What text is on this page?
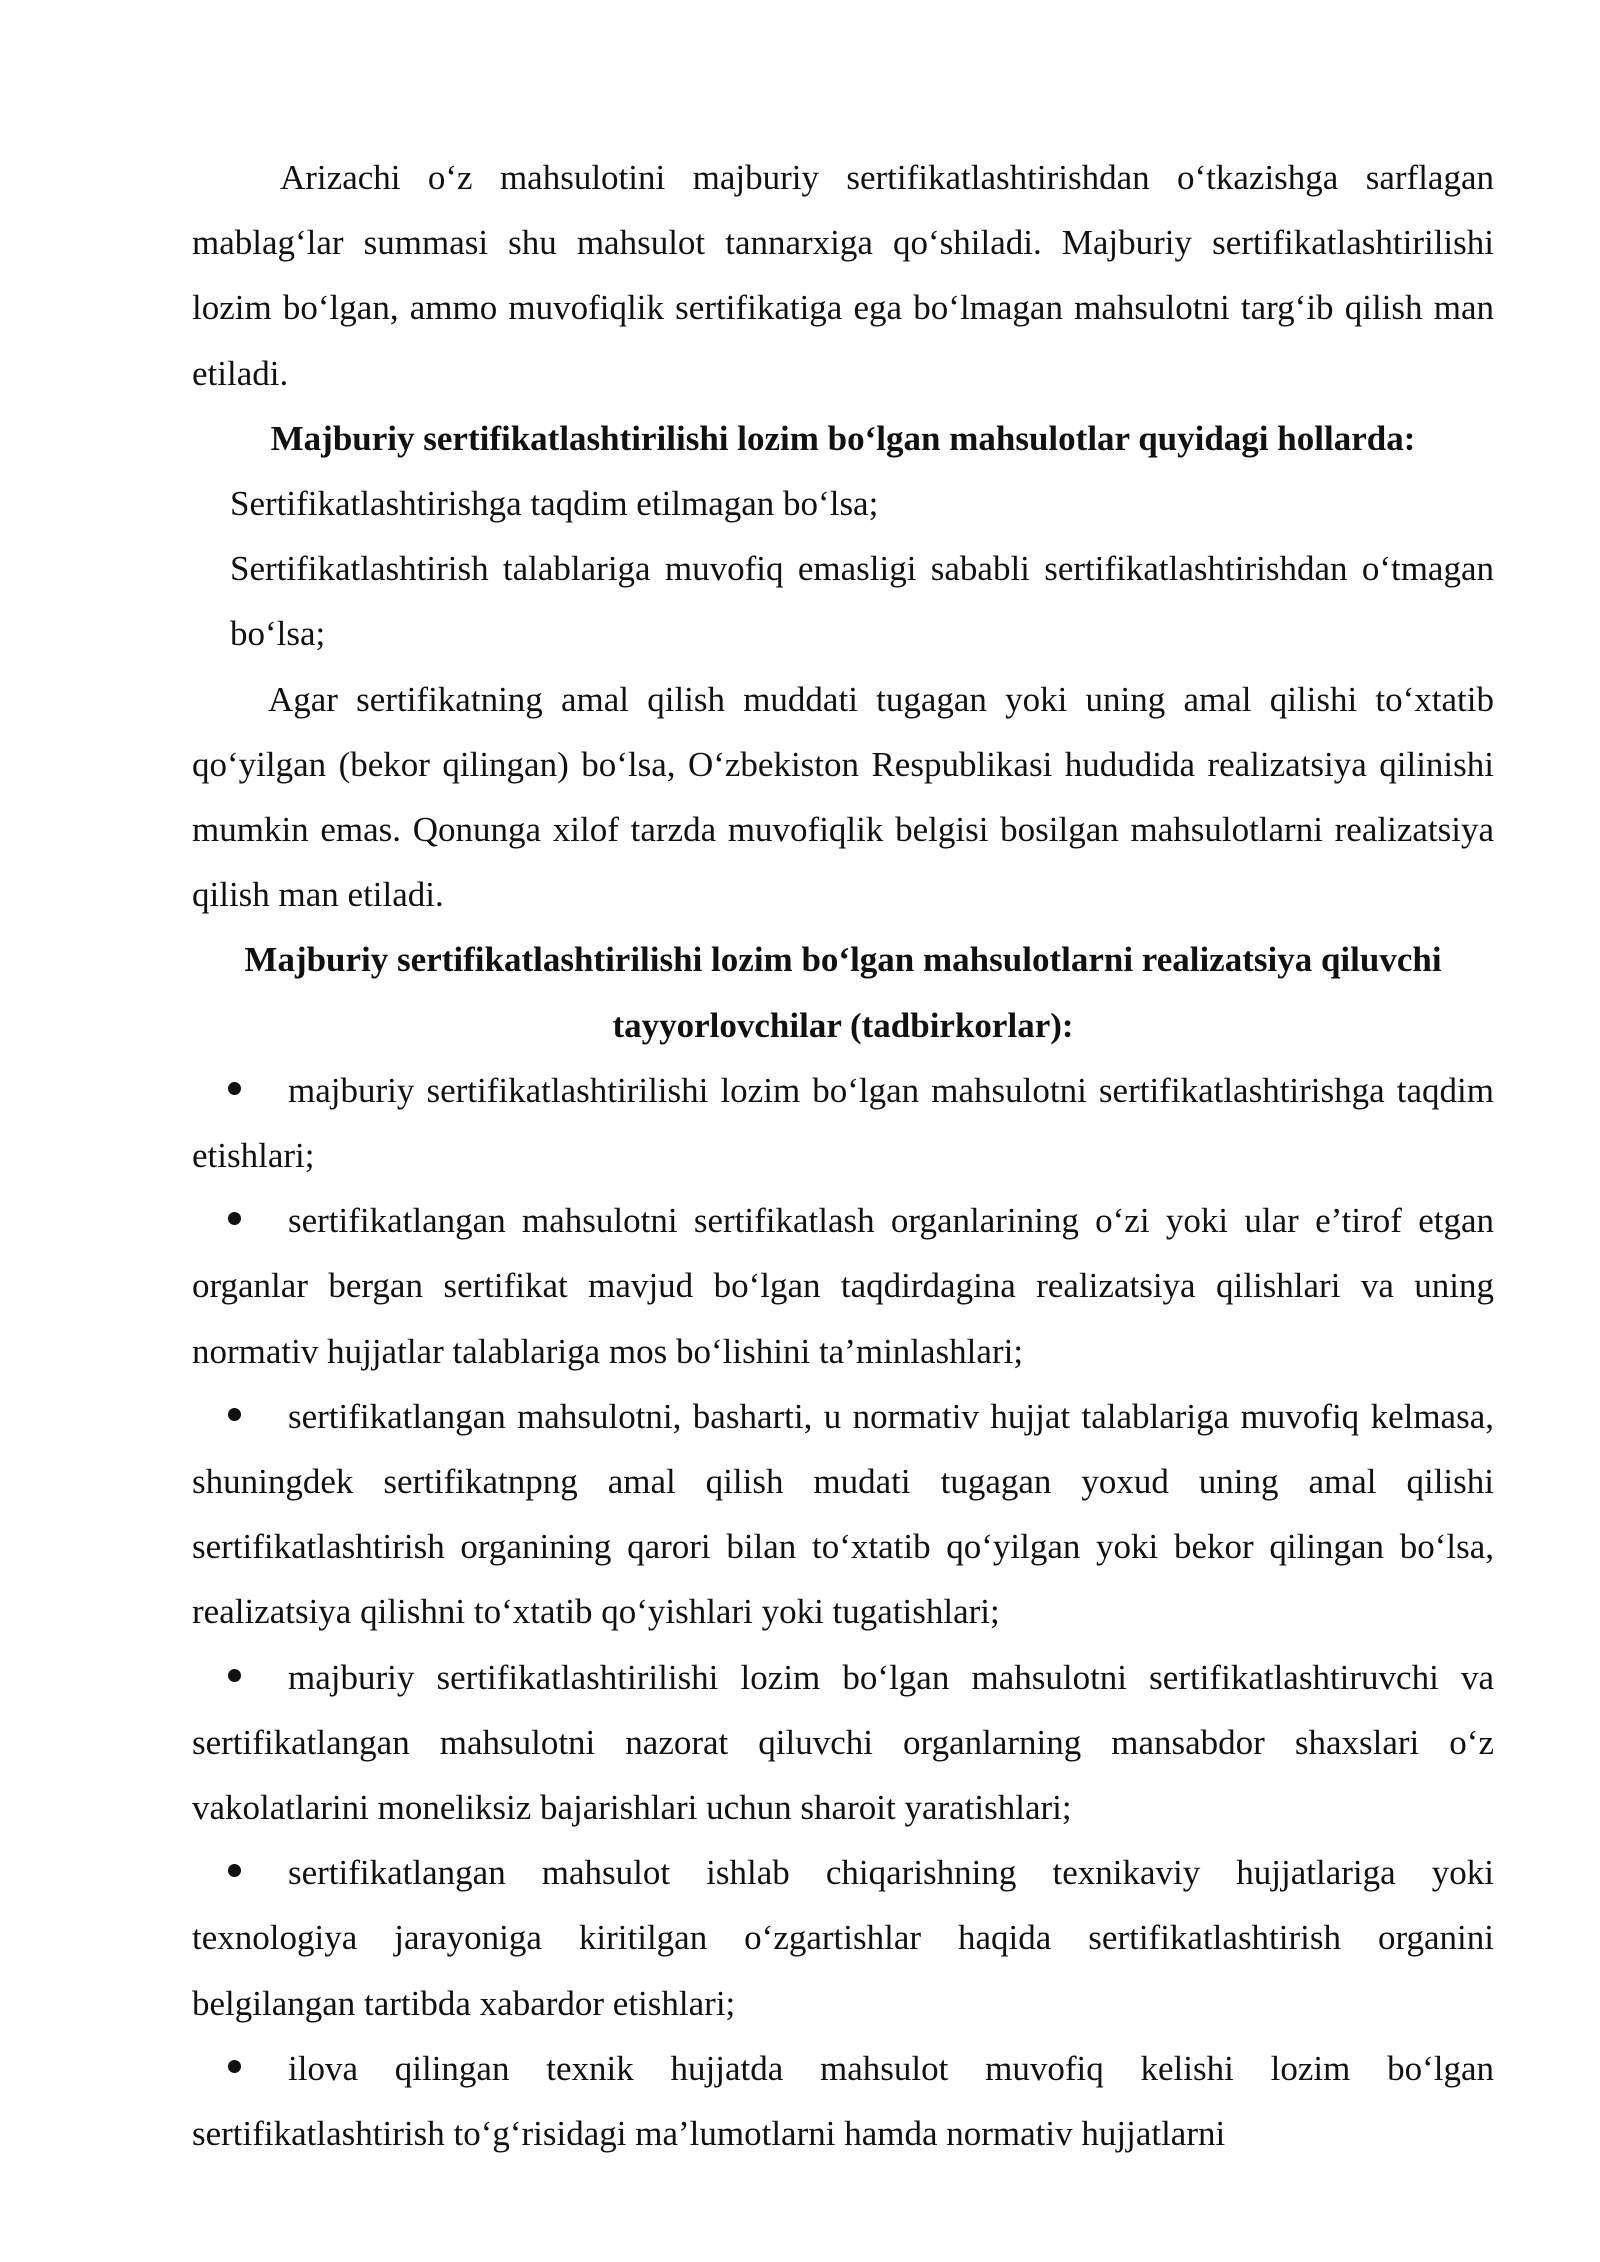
Arizachi o‘z mahsulotini majburiy sertifikatlashtirishdan o‘tkazishga sarflagan mablag‘lar summasi shu mahsulot tannarxiga qo‘shiladi. Majburiy sertifikatlashtirilishi lozim bo‘lgan, ammo muvofiqlik sertifikatiga ega bo‘lmagan mahsulotni targ‘ib qilish man etiladi.

Majburiy sertifikatlashtirilishi lozim bo‘lgan mahsulotlar quyidagi hollarda:

Sertifikatlashtirishga taqdim etilmagan bo‘lsa;

Sertifikatlashtirish talablariga muvofiq emasligi sababli sertifikatlashtirishdan o‘tmagan bo‘lsa;

Agar sertifikatning amal qilish muddati tugagan yoki uning amal qilishi to‘xtatib qo‘yilgan (bekor qilingan) bo‘lsa, O‘zbekiston Respublikasi hududida realizatsiya qilinishi mumkin emas. Qonunga xilof tarzda muvofiqlik belgisi bosilgan mahsulotlarni realizatsiya qilish man etiladi.

Majburiy sertifikatlashtirilishi lozim bo‘lgan mahsulotlarni realizatsiya qiluvchi tayyorlovchilar (tadbirkorlar):

majburiy sertifikatlashtirilishi lozim bo‘lgan mahsulotni sertifikatlashtirishga taqdim etishlari;

sertifikatlangan mahsulotni sertifikatlash organlarining o‘zi yoki ular e’tirof etgan organlar bergan sertifikat mavjud bo‘lgan taqdirdagina realizatsiya qilishlari va uning normativ hujjatlar talablariga mos bo‘lishini ta’minlashlari;

sertifikatlangan mahsulotni, basharti, u normativ hujjat talablariga muvofiq kelmasa, shuningdek sertifikatnpng amal qilish mudati tugagan yoxud uning amal qilishi sertifikatlashtirish organining qarori bilan to‘xtatib qo‘yilgan yoki bekor qilingan bo‘lsa, realizatsiya qilishni to‘xtatib qo‘yishlari yoki tugatishlari;

majburiy sertifikatlashtirilishi lozim bo‘lgan mahsulotni sertifikatlashtiruvchi va sertifikatlangan mahsulotni nazorat qiluvchi organlarning mansabdor shaxslari o‘z vakolatlarini moneliksiz bajarishlari uchun sharoit yaratishlari;

sertifikatlangan mahsulot ishlab chiqarishning texnikaviy hujjatlariga yoki texnologiya jarayoniga kiritilgan o‘zgartishlar haqida sertifikatlashtirish organini belgilangan tartibda xabardor etishlari;

ilova qilingan texnik hujjatda mahsulot muvofiq kelishi lozim bo‘lgan sertifikatlashtirish to‘g‘risidagi ma’lumotlarni hamda normativ hujjatlarni
